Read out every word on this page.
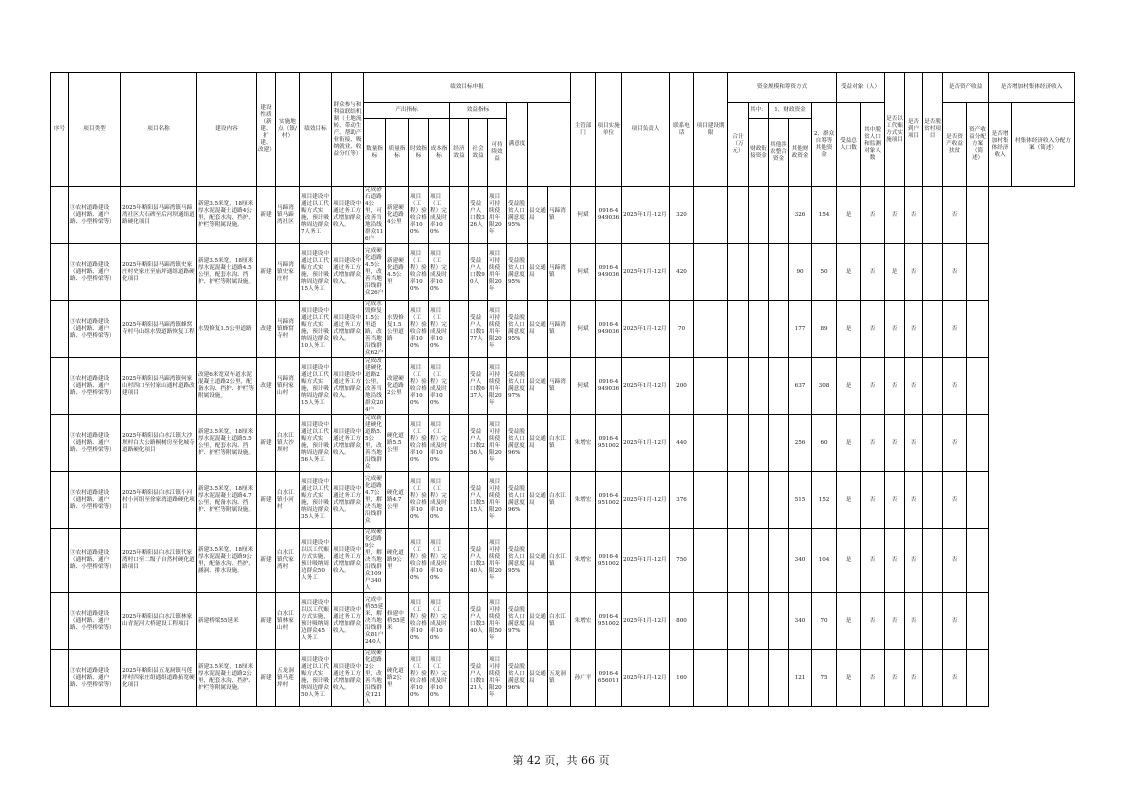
序号	项目类型	项目名称	建设内容	建设性质（新建、扩建、改建）	实施地点（镇/村）	绩效目标	群众参与和利益联结机制（土地流转、带动生产、帮助产业衔接、吸纳就业、收益分红等）	绩效目标申报										主管部门	项目实施单位	项目负责人	联系电话	项目建设期限	资金规模和筹资方式					受益对象（人）		是否以工代赈方式实施项目	是否到户项目	是否脱贫村项目	是否资产收益		是否增加村集体经济收入	
								产出指标				效益指标			满意度								合计（万元）	其中：	1、财政资金		2、群众自筹等其他资金	受益总人口数	其中脱贫人口和监测对象人数				是否资产收益扶贫	资产收益分配方案（简述）	是否增加村集体经济收入	村集体经济收入分配方案（简述）
								数量指标	质量指标	时效指标	成本指标	经济效益	社会效益	可持续效益										财政衔接资金	其他涉农整合资金	其他财政资金										

	③农村道路建设（通村路、通户路、小型桥梁等）	2025年略阳县马蹄湾镇马蹄湾社区大石碑至后河坝通组道路硬化项目	新建3.5米宽，18厘米厚水泥混凝土道路4公里，配套水沟、挡护、护栏等附属设施。	新建	马蹄湾镇马蹄湾社区	项目建设中通过以工代赈方式实施，预计吸纳周边群众7人务工	项目建设中通过务工方式增加群众收入。	完成砂石道路4公里，可改善当地沿线群众116户	新建硬化道路4公里	项目（工程）验收合格率100%	项目（工程）完成及时率100%		受益户人口数326人	项目可持续使用年限20年	受益脱贫人口满意度95%	县交通局	马蹄湾镇	何斌	0916-4949036	2025年1月-12月	320					326	154	是	否	否	否		否			
	③农村道路建设（通村路、通户路、小型桥梁等）	2025年略阳县马蹄湾镇史家庄村史家庄至庙坪通组道路硬化项目	新建3.5米宽，18厘米厚水泥混凝土道路4.5公里，配套水沟、挡护、护栏等附属设施。	新建	马蹄湾镇史家庄村	项目建设中通过以工代赈方式实施，预计吸纳周边群众15人务工	项目建设中通过务工方式增加群众收入。	完成硬化道路4.5公里，改善当地沿线群众26户	新建硬化道路4.5公里	项目（工程）验收合格率100%	项目（工程）完成及时率100%		受益户人口数90人	项目可持续使用年限20年	受益脱贫人口满意度95%	县交通局	马蹄湾镇	何斌	0916-4949036	2025年1月-12月	420					90	50	是	否	是	否		否			
	③农村道路建设（通村路、通户路、小型桥梁等）	2025年略阳县马蹄湾镇蜂窝寺村马山组水毁道路恢复工程	水毁修复1.5公里道路	改建	马蹄湾镇蜂窝寺村	项目建设中通过以工代赈方式实施，预计吸纳周边群众10人务工	项目建设中通过务工方式增加群众收入。	完成水毁修复1.5公里道路，改善当地沿线群众62户	水毁修复1.5公里道路	项目（工程）验收合格率100%	项目（工程）完成及时率100%		受益户人口数177人	项目可持续使用年限20年	受益脱贫人口满意度95%	县交通局	马蹄湾镇	何斌	0916-4949036	2025年1月-12月	70					177	89	是	否	否	否		否			
	③农村道路建设（通村路、通户路、小型桥梁等）	2025年略阳县马蹄湾镇何家山村四口至付家山通村道路改建项目	改建6米宽双车道水泥混凝土道路2公里，配备水沟、挡护、护栏等附属设施。	改建	马蹄湾镇何家山村	项目建设中通过以工代赈方式实施，预计吸纳周边群众15人务工	项目建设中通过务工方式增加群众收入。	完成改建硬化道路2公里，改善当地沿线群众204户	改建硬化道路2公里	项目（工程）验收合格率100%	项目（工程）完成及时率100%		受益户人口数637人	项目可持续使用年限20年	受益脱贫人口满意度97%	县交通局	马蹄湾镇	何斌	0916-4949036	2025年1月-12月	200					637	308	是	否	否	否		否			
	③农村道路建设（通村路、通户路、小型桥梁等）	2025年略阳县白水江镇大沙坝村白大公路桐树房至化城寺道路硬化项目	新建3.5米宽，18厘米厚水泥混凝土道路5.5公里，配套水沟、挡护、护栏等附属设施。	新建	白水江镇大沙坝村	项目建设中通过以工代赈方式实施，预计吸纳周边群众56人务工	项目建设中通过务工方式增加群众收入。	完成新建硬化道路5.5公里，改善当地沿线群众	硬化道路5.5公里	项目（工程）验收合格率100%	项目（工程）完成及时率100%		受益户人口数256人	项目可持续使用年限20年	受益脱贫人口满意度96%	县交通局	白水江镇	朱增宏	0916-4951002	2025年1月-12月	440					256	60	是	否	否	否		否			
	③农村道路建设（通村路、通户路、小型桥梁等）	2025年略阳县白水江镇小河村小河组至徐家湾道路硬化项目	新建3.5米宽，18厘米厚水泥混凝土道路4.7公里，配备水沟、挡护、护栏等附属设施。	新建	白水江镇小河村	项目建设中通过以工代赈方式实施，预计吸纳周边群众35人务工	项目建设中通过务工方式增加群众收入。	完成硬化道路4.7公里，解决当地沿线群众	硬化道路4.7公里	项目（工程）验收合格率100%	项目（工程）完成及时率100%		受益户人口数515人	项目可持续使用年限20年	受益脱贫人口满意度96%	县交通局	白水江镇	朱增宏	0916-4951002	2025年1月-12月	376					515	152	是	否	否	否		否			
	③农村道路建设（通村路、通户路、小型桥梁等）	2025年略阳县白水江镇代家湾村口至二级子自然村硬化道路项目	新建3.5米宽，18厘米厚水泥混凝土道路9公里，配备水沟、挡护、涵洞、排水设施。	新建	白水江镇代家湾村	项目建设中以以工代赈方式实施，预计吸纳周边群众50人务工	项目建设中通过务工方式增加群众收入。	完成硬化道路9公里，解决当地沿线群众109户340人	硬化道路9公里	项目（工程）验收合格率100%	项目（工程）完成及时率100%		受益户人口数340人	项目可持续使用年限20年	受益脱贫人口满意度95%	县交通局	白水江镇	朱增宏	0916-4951002	2025年1月-12月	750					340	104	是	否	否	否		否			
	③农村道路建设（通村路、通户路、小型桥梁等）	2025年略阳县白水江镇林家山青泥河大桥建设工程项目	新建桥梁55延米	新建	白水江镇林家山村	项目建设中以以工代赈方式实施，预计吸纳周边群众45人务工	项目建设中通过务工方式增加群众收入。	完成中桥55延米，解决当地沿线群众81户240人	修建中桥55延米	项目（工程）验收合格率100%	项目（工程）完成及时率100%		受益户人口数340人	项目可持续使用年限50年	受益脱贫人口满意度97%	县交通局	白水江镇	朱增宏	0916-4951002	2025年1月-12月	800					340	70	是	否	否	否		否			
	③农村道路建设（通村路、通户路、小型桥梁等）	2025年略阳县五龙洞镇马莲坪村四家庄组通组道路拓宽硬化项目	新建3.5米宽，18厘米厚水泥混凝土道路2公里，配套水沟、挡护、护栏等附属设施。	新建	五龙洞镇马莲坪村	项目建设中通过以工代赈方式实施，预计吸纳周边群众50人务工	项目建设中通过务工方式增加群众收入。	完成硬化道路2公里，改善当地沿线群众121人	硬化道路2公里	项目（工程）验收合格率100%	项目（工程）完成及时率100%		受益户人口数121人	项目可持续使用年限20年	受益脱贫人口满意度96%	县交通局	五龙洞镇	孙广平	0916-4656011	2025年1月-12月	160					121	75	是	否	否	否		否			
第 42 页，共 66 页
